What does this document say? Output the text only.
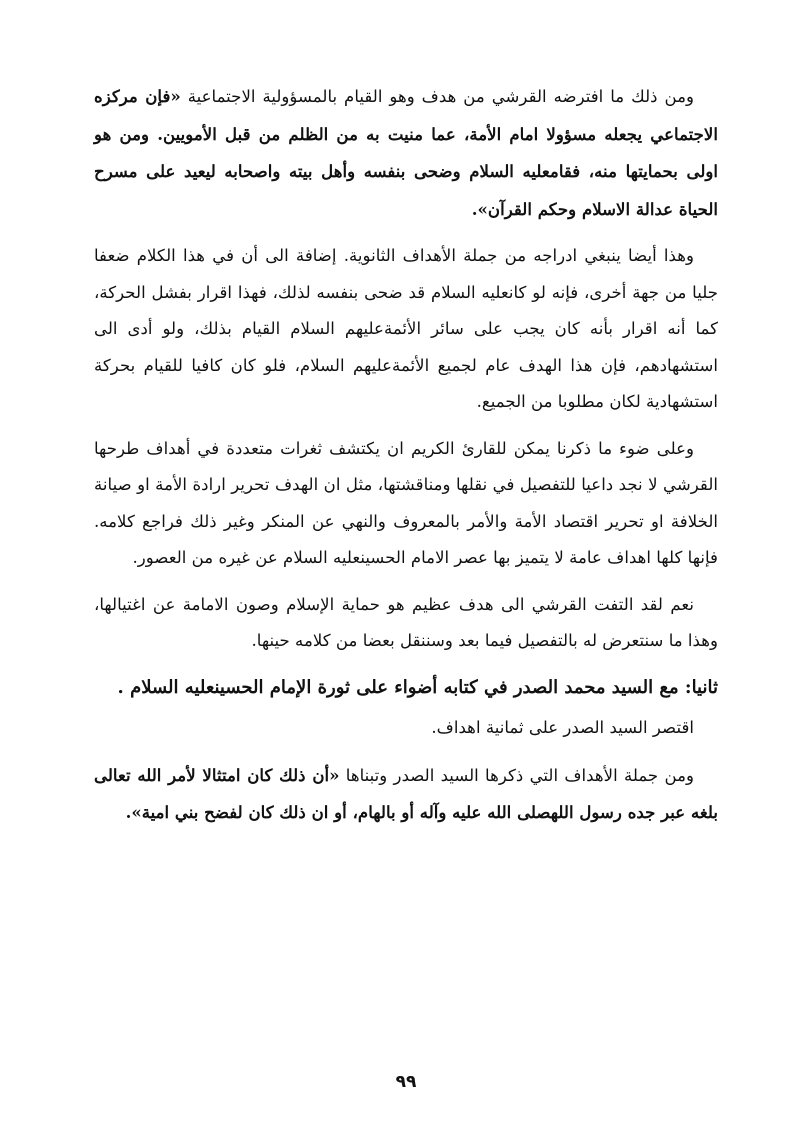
ومن ذلك ما افترضه القرشي من هدف وهو القيام بالمسؤولية الاجتماعية «فإن مركزه الاجتماعي يجعله مسؤولا امام الأمة، عما منيت به من الظلم من قبل الأمويين. ومن هو اولى بحمايتها منه، فقامعليه السلام وضحى بنفسه وأهل بيته واصحابه ليعيد على مسرح الحياة عدالة الاسلام وحكم القرآن».

وهذا أيضا ينبغي ادراجه من جملة الأهداف الثانوية. إضافة الى أن في هذا الكلام ضعفا جليا من جهة أخرى، فإنه لو كانعليه السلام قد ضحى بنفسه لذلك، فهذا اقرار بفشل الحركة، كما أنه اقرار بأنه كان يجب على سائر الأئمةعليهم السلام القيام بذلك، ولو أدى الى استشهادهم، فإن هذا الهدف عام لجميع الأئمةعليهم السلام، فلو كان كافيا للقيام بحركة استشهادية لكان مطلوبا من الجميع.

وعلى ضوء ما ذكرنا يمكن للقارئ الكريم ان يكتشف ثغرات متعددة في أهداف طرحها القرشي لا نجد داعيا للتفصيل في نقلها ومناقشتها، مثل ان الهدف تحرير ارادة الأمة او صيانة الخلافة او تحرير اقتصاد الأمة والأمر بالمعروف والنهي عن المنكر وغير ذلك فراجع كلامه. فإنها كلها اهداف عامة لا يتميز بها عصر الامام الحسينعليه السلام عن غيره من العصور.

نعم لقد التفت القرشي الى هدف عظيم هو حماية الإسلام وصون الامامة عن اغتيالها، وهذا ما سنتعرض له بالتفصيل فيما بعد وسننقل بعضا من كلامه حينها.

ثانيا: مع السيد محمد الصدر في كتابه أضواء على ثورة الإمام الحسينعليه السلام .

اقتصر السيد الصدر على ثمانية اهداف.

ومن جملة الأهداف التي ذكرها السيد الصدر وتبناها «أن ذلك كان امتثالا لأمر الله تعالى بلغه عبر جده رسول اللهصلى الله عليه وآله أو بالهام، أو ان ذلك كان لفضح بني امية».

٩٩
